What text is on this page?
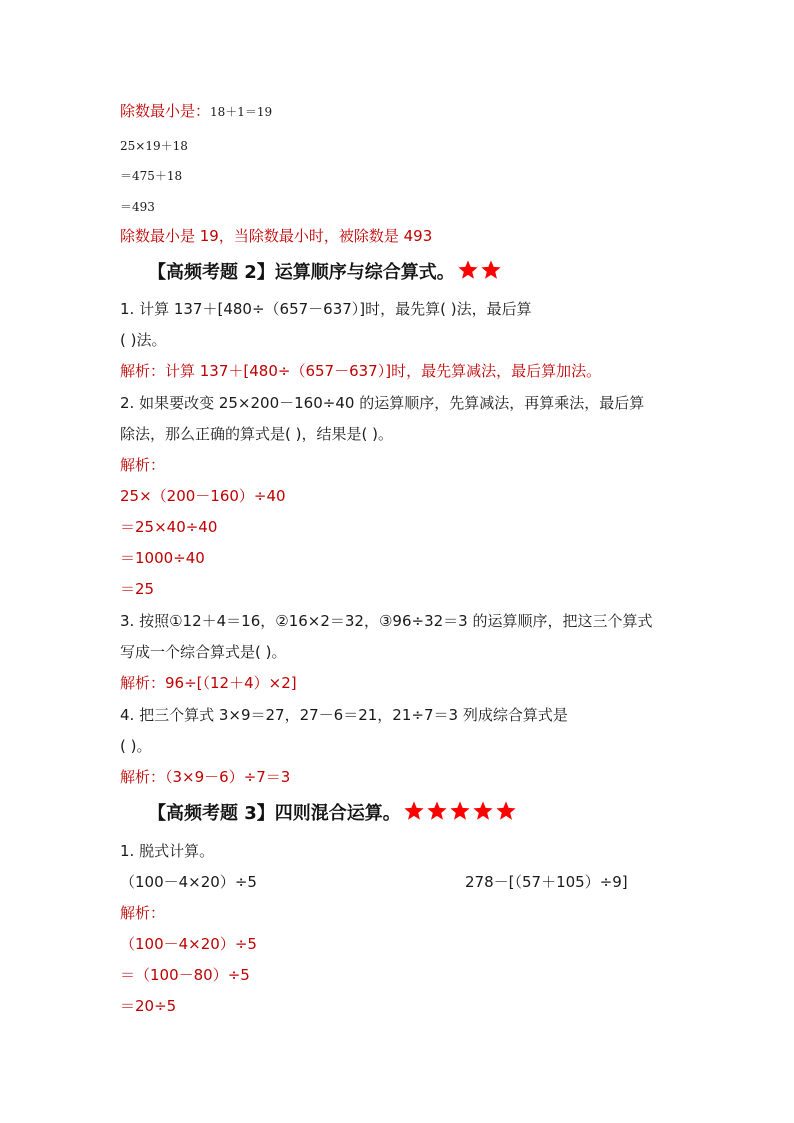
除数最小是：18＋1＝19
25×19＋18
＝475＋18
＝493
除数最小是 19，当除数最小时，被除数是 493
【高频考题 2】运算顺序与综合算式。
1. 计算 137＋[480÷（657－637）]时，最先算( )法，最后算
( )法。
解析：计算 137＋[480÷（657－637）]时，最先算减法，最后算加法。
2. 如果要改变 25×200－160÷40 的运算顺序，先算减法，再算乘法，最后算
除法，那么正确的算式是( )，结果是( )。
解析：
25×（200－160）÷40
＝25×40÷40
＝1000÷40
＝25
3. 按照①12＋4＝16，②16×2＝32，③96÷32＝3 的运算顺序，把这三个算式
写成一个综合算式是( )。
解析：96÷[（12＋4）×2]
4. 把三个算式 3×9＝27，27－6＝21，21÷7＝3 列成综合算式是
( )。
解析：（3×9－6）÷7＝3
【高频考题 3】四则混合运算。
1. 脱式计算。
（100－4×20）÷5	278－[（57＋105）÷9]
解析：
（100－4×20）÷5
＝（100－80）÷5
＝20÷5
